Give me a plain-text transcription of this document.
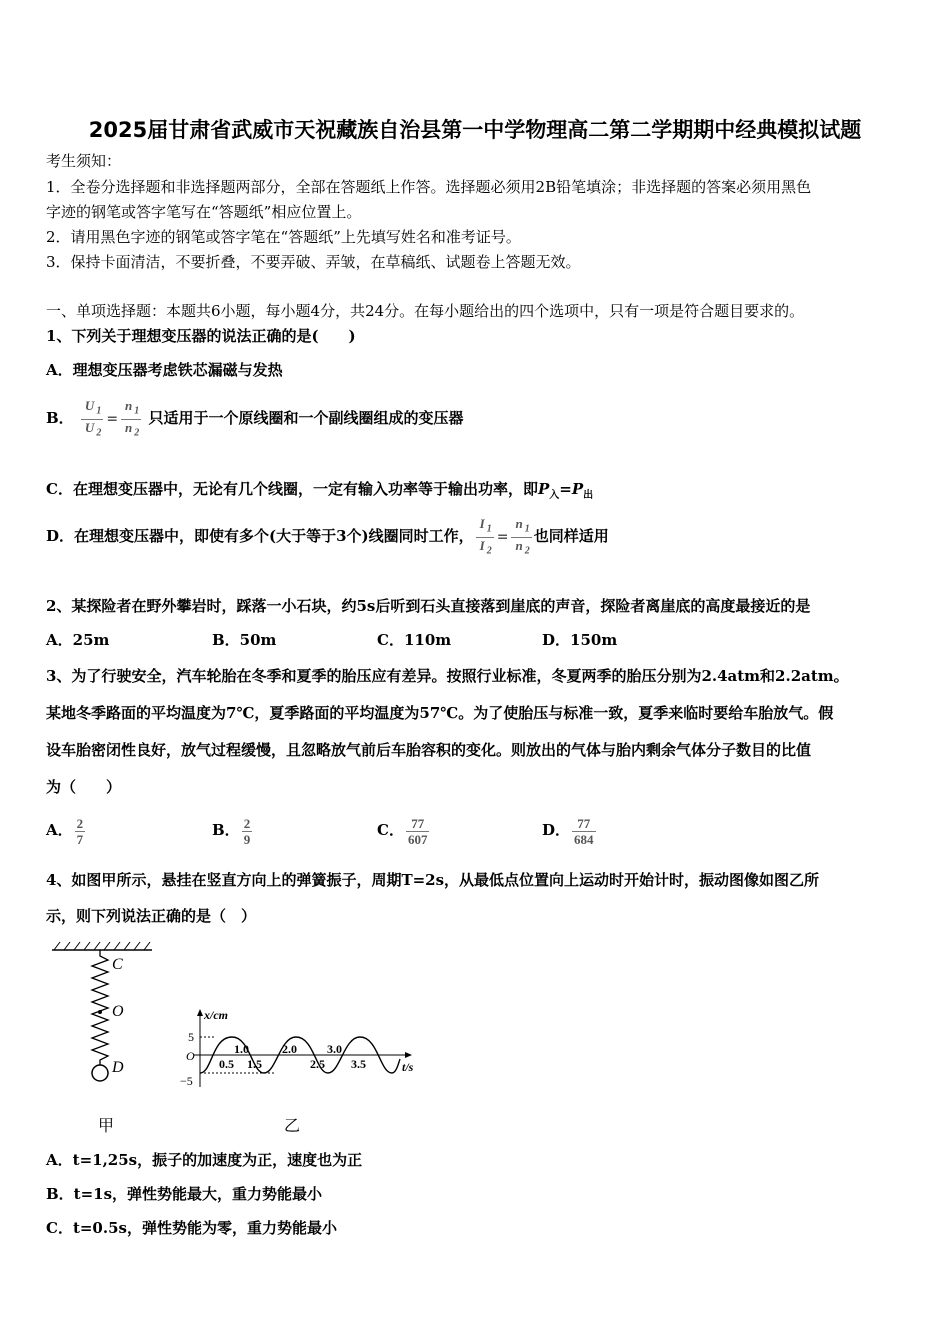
2025届甘肃省武威市天祝藏族自治县第一中学物理高二第二学期期中经典模拟试题
考生须知：
1．全卷分选择题和非选择题两部分，全部在答题纸上作答。选择题必须用2B铅笔填涂；非选择题的答案必须用黑色
字迹的钢笔或答字笔写在“答题纸”相应位置上。
2．请用黑色字迹的钢笔或答字笔在“答题纸”上先填写姓名和准考证号。
3．保持卡面清洁，不要折叠，不要弄破、弄皱，在草稿纸、试题卷上答题无效。
一、单项选择题：本题共6小题，每小题4分，共24分。在每小题给出的四个选项中，只有一项是符合题目要求的。
1、下列关于理想变压器的说法正确的是(　　)
A．理想变压器考虑铁芯漏磁与发热
B． $\frac{U _1}{U _2} = \frac{n _1}{n _2}$ 只适用于一个原线圈和一个副线圈组成的变压器
C．在理想变压器中，无论有几个线圈，一定有输入功率等于输出功率，即$P_入=P_出$
D．在理想变压器中，即使有多个(大于等于3个)线圈同时工作， $\frac{I _1}{I _2} = \frac{n _1}{n _2}$ 也同样适用
2、某探险者在野外攀岩时，踩落一小石块，约5s后听到石头直接落到崖底的声音，探险者离崖底的高度最接近的是
A．25m	B．50m	C．110m	D．150m
3、为了行驶安全，汽车轮胎在冬季和夏季的胎压应有差异。按照行业标准，冬夏两季的胎压分别为2.4atm和2.2atm。
某地冬季路面的平均温度为7℃，夏季路面的平均温度为57℃。为了使胎压与标准一致，夏季来临时要给车胎放气。假
设车胎密闭性良好，放气过程缓慢，且忽略放气前后车胎容积的变化。则放出的气体与胎内剩余气体分子数目的比值
为（　　）
A． $\frac{2}{7}$	B． $\frac{2}{9}$	C． $\frac{77}{607}$	D． $\frac{77}{684}$
4、如图甲所示，悬挂在竖直方向上的弹簧振子，周期T=2s，从最低点位置向上运动时开始计时，振动图像如图乙所
示，则下列说法正确的是（　）
C
O
D
甲
x/cm
t/s
5
O
−5
0.5
1.0
1.5
2.0
2.5
3.0
3.5
乙
A．t=1,25s，振子的加速度为正，速度也为正
B．t=1s，弹性势能最大，重力势能最小
C．t=0.5s，弹性势能为零，重力势能最小
